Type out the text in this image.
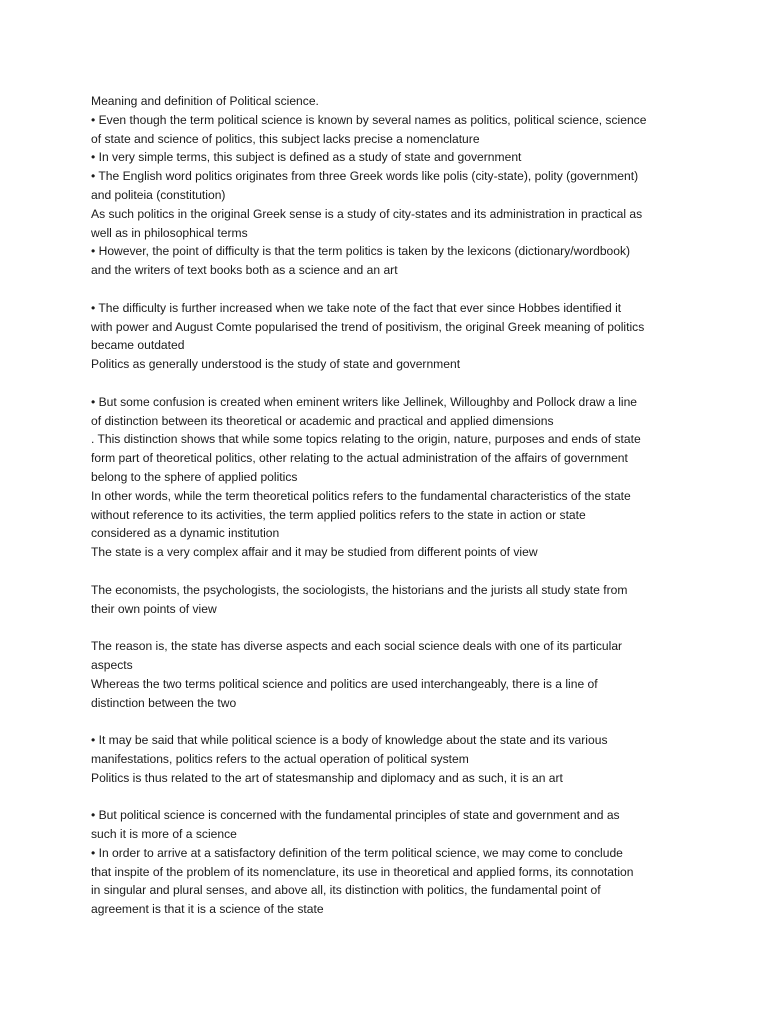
Meaning and definition of Political science.
• Even though the term political science is known by several names as politics, political science, science
of state and science of politics, this subject lacks precise a nomenclature
• In very simple terms, this subject is defined as a study of state and government
• The English word politics originates from three Greek words like polis (city-state), polity (government)
and politeia (constitution)
As such politics in the original Greek sense is a study of city-states and its administration in practical as
well as in philosophical terms
• However, the point of difficulty is that the term politics is taken by the lexicons (dictionary/wordbook)
and the writers of text books both as a science and an art
• The difficulty is further increased when we take note of the fact that ever since Hobbes identified it
with power and August Comte popularised the trend of positivism, the original Greek meaning of politics
became outdated
Politics as generally understood is the study of state and government
• But some confusion is created when eminent writers like Jellinek, Willoughby and Pollock draw a line
of distinction between its theoretical or academic and practical and applied dimensions
. This distinction shows that while some topics relating to the origin, nature, purposes and ends of state
form part of theoretical politics, other relating to the actual administration of the affairs of government
belong to the sphere of applied politics
In other words, while the term theoretical politics refers to the fundamental characteristics of the state
without reference to its activities, the term applied politics refers to the state in action or state
considered as a dynamic institution
The state is a very complex affair and it may be studied from different points of view
The economists, the psychologists, the sociologists, the historians and the jurists all study state from
their own points of view
The reason is, the state has diverse aspects and each social science deals with one of its particular
aspects
Whereas the two terms political science and politics are used interchangeably, there is a line of
distinction between the two
• It may be said that while political science is a body of knowledge about the state and its various
manifestations, politics refers to the actual operation of political system
Politics is thus related to the art of statesmanship and diplomacy and as such, it is an art
• But political science is concerned with the fundamental principles of state and government and as
such it is more of a science
• In order to arrive at a satisfactory definition of the term political science, we may come to conclude
that inspite of the problem of its nomenclature, its use in theoretical and applied forms, its connotation
in singular and plural senses, and above all, its distinction with politics, the fundamental point of
agreement is that it is a science of the state
